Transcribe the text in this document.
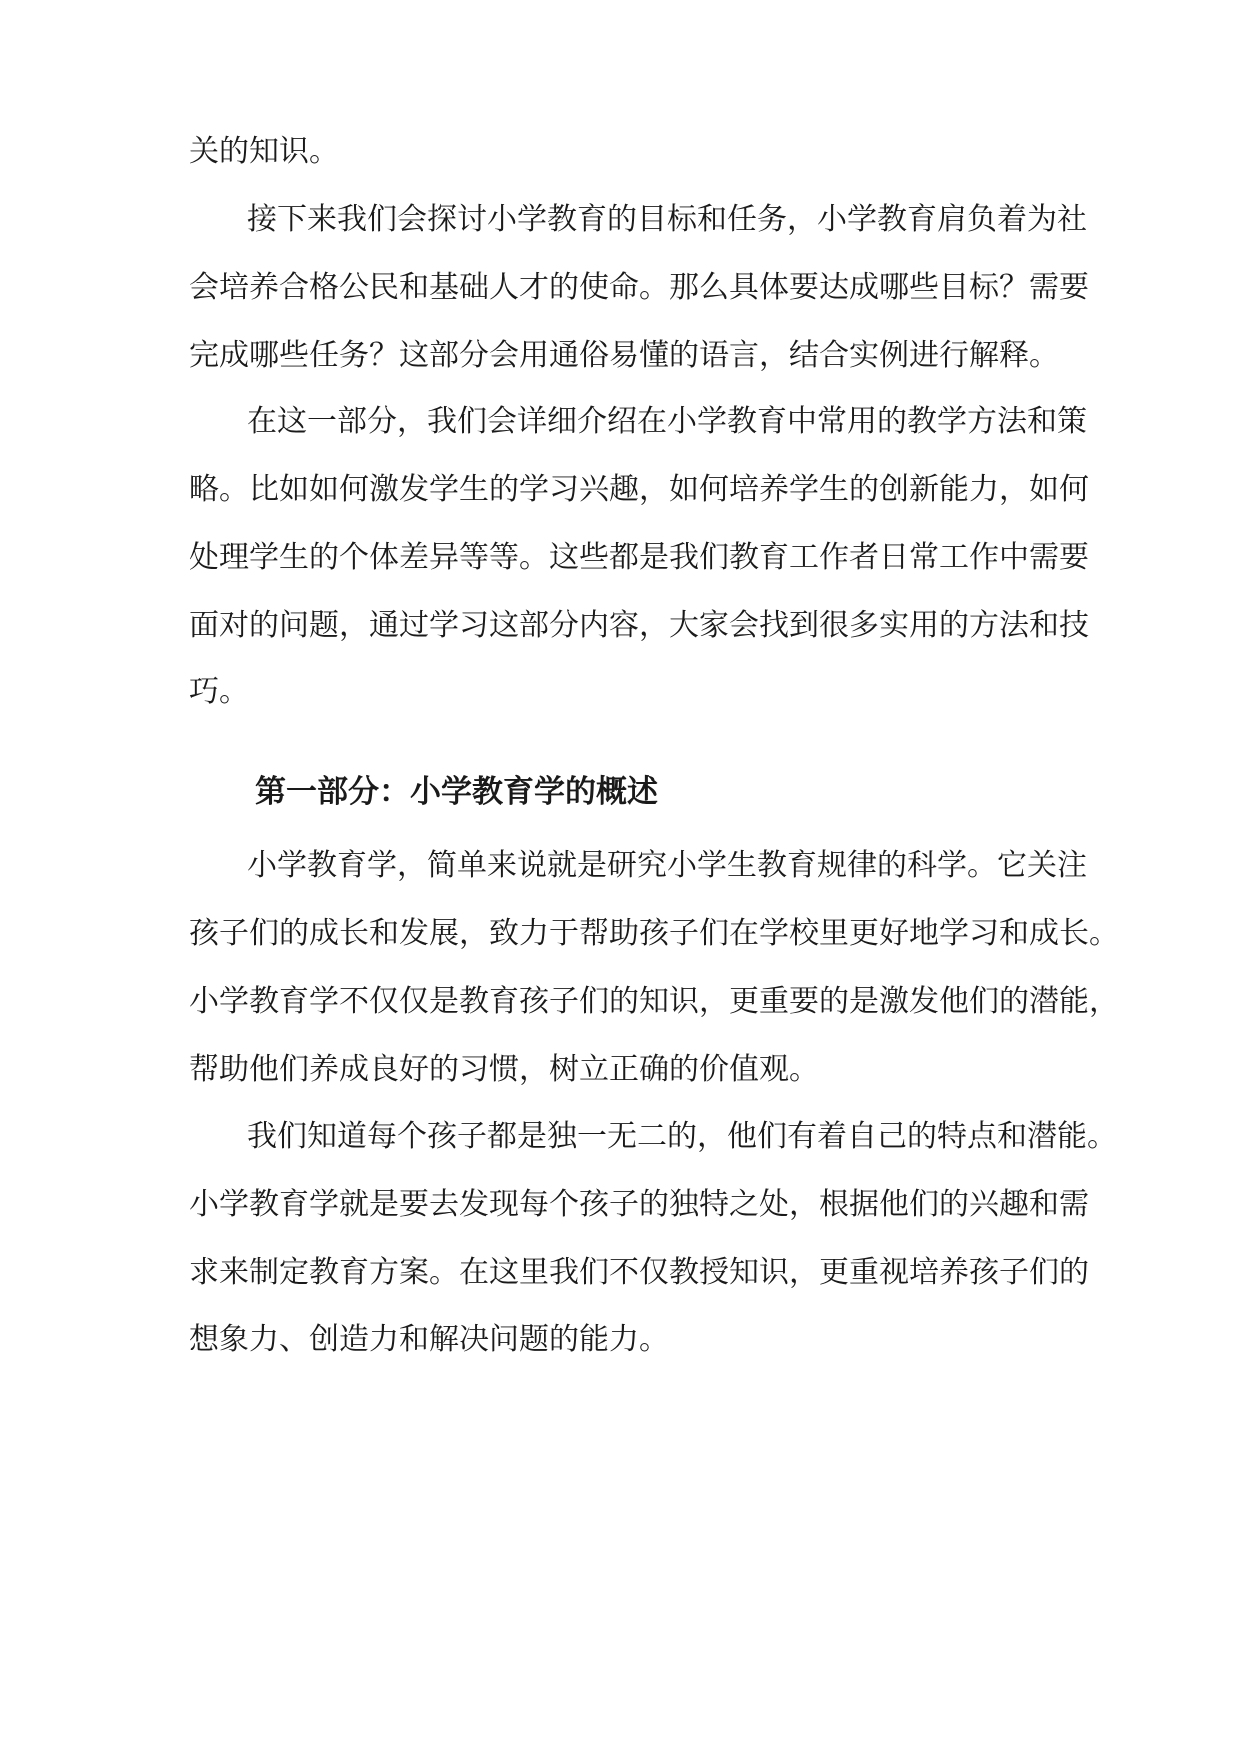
关的知识。
接下来我们会探讨小学教育的目标和任务，小学教育肩负着为社
会培养合格公民和基础人才的使命。那么具体要达成哪些目标？需要
完成哪些任务？这部分会用通俗易懂的语言，结合实例进行解释。
在这一部分，我们会详细介绍在小学教育中常用的教学方法和策
略。比如如何激发学生的学习兴趣，如何培养学生的创新能力，如何
处理学生的个体差异等等。这些都是我们教育工作者日常工作中需要
面对的问题，通过学习这部分内容，大家会找到很多实用的方法和技
巧。
第一部分：小学教育学的概述
小学教育学，简单来说就是研究小学生教育规律的科学。它关注
孩子们的成长和发展，致力于帮助孩子们在学校里更好地学习和成长。
小学教育学不仅仅是教育孩子们的知识，更重要的是激发他们的潜能，
帮助他们养成良好的习惯，树立正确的价值观。
我们知道每个孩子都是独一无二的，他们有着自己的特点和潜能。
小学教育学就是要去发现每个孩子的独特之处，根据他们的兴趣和需
求来制定教育方案。在这里我们不仅教授知识，更重视培养孩子们的
想象力、创造力和解决问题的能力。
